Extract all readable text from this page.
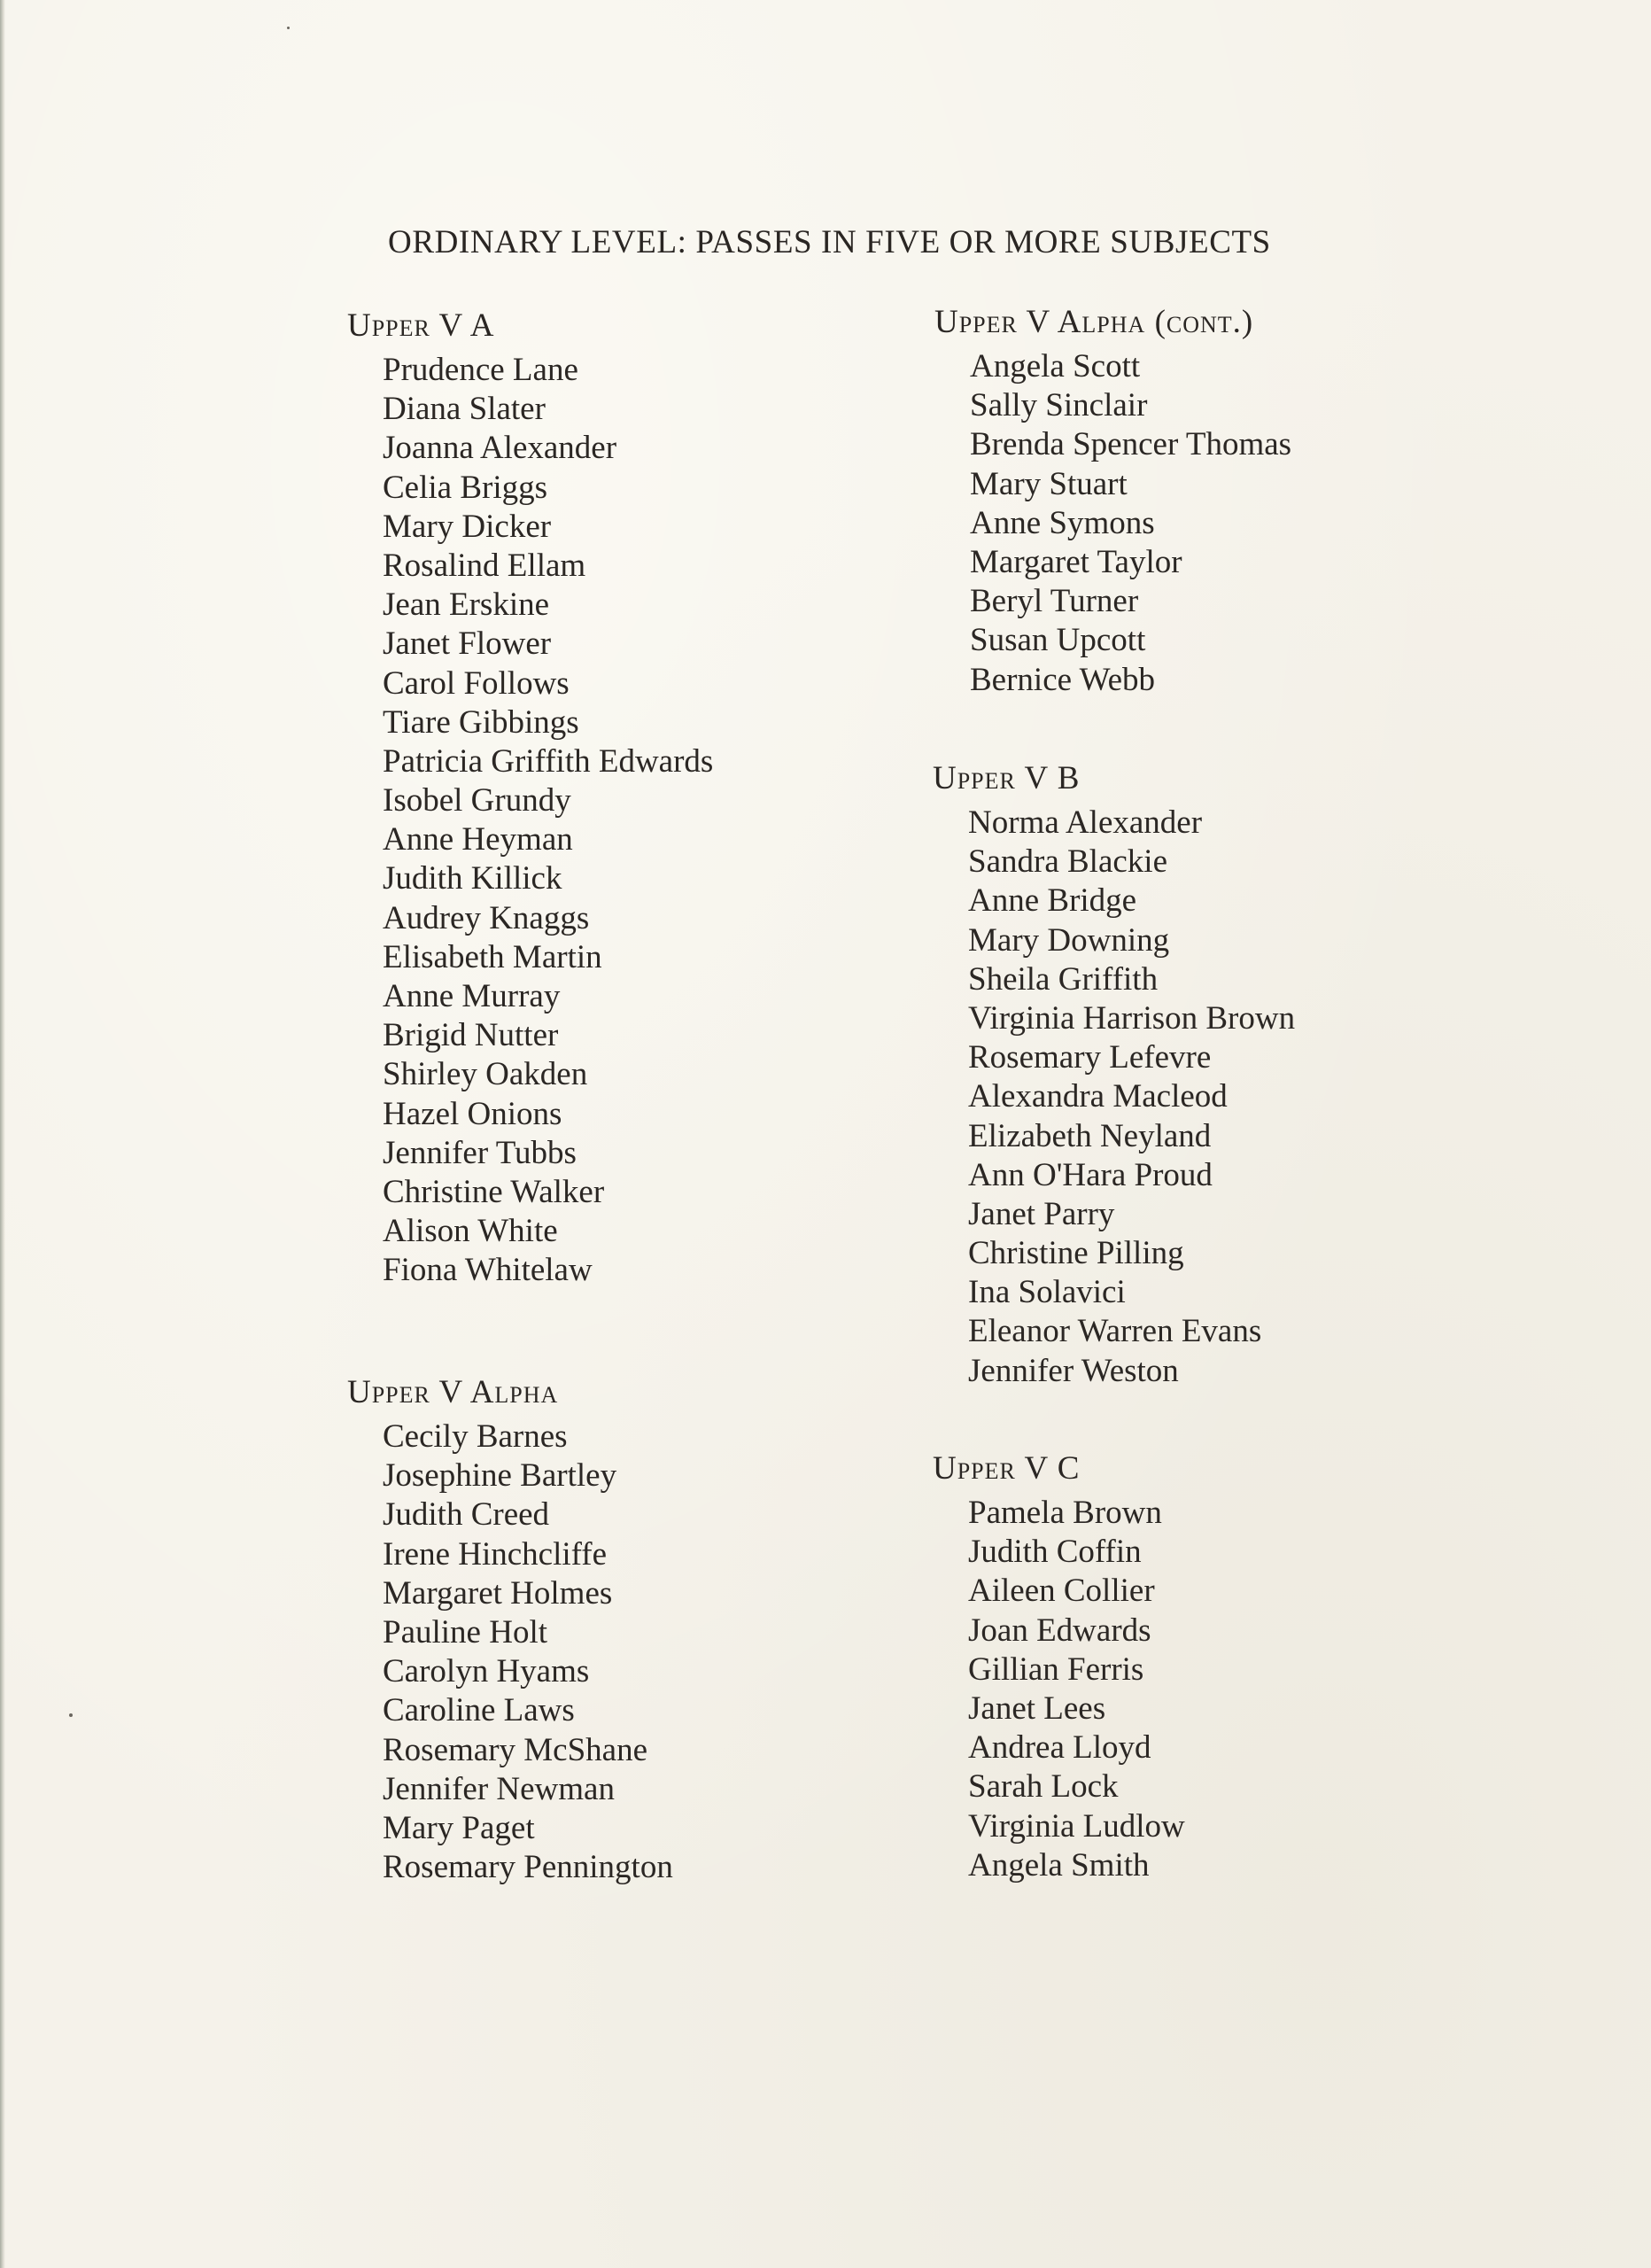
ORDINARY LEVEL: PASSES IN FIVE OR MORE SUBJECTS
Upper V A
Prudence Lane
Diana Slater
Joanna Alexander
Celia Briggs
Mary Dicker
Rosalind Ellam
Jean Erskine
Janet Flower
Carol Follows
Tiare Gibbings
Patricia Griffith Edwards
Isobel Grundy
Anne Heyman
Judith Killick
Audrey Knaggs
Elisabeth Martin
Anne Murray
Brigid Nutter
Shirley Oakden
Hazel Onions
Jennifer Tubbs
Christine Walker
Alison White
Fiona Whitelaw
Upper V Alpha
Cecily Barnes
Josephine Bartley
Judith Creed
Irene Hinchcliffe
Margaret Holmes
Pauline Holt
Carolyn Hyams
Caroline Laws
Rosemary McShane
Jennifer Newman
Mary Paget
Rosemary Pennington
Upper V Alpha (cont.)
Angela Scott
Sally Sinclair
Brenda Spencer Thomas
Mary Stuart
Anne Symons
Margaret Taylor
Beryl Turner
Susan Upcott
Bernice Webb
Upper V B
Norma Alexander
Sandra Blackie
Anne Bridge
Mary Downing
Sheila Griffith
Virginia Harrison Brown
Rosemary Lefevre
Alexandra Macleod
Elizabeth Neyland
Ann O'Hara Proud
Janet Parry
Christine Pilling
Ina Solavici
Eleanor Warren Evans
Jennifer Weston
Upper V C
Pamela Brown
Judith Coffin
Aileen Collier
Joan Edwards
Gillian Ferris
Janet Lees
Andrea Lloyd
Sarah Lock
Virginia Ludlow
Angela Smith
